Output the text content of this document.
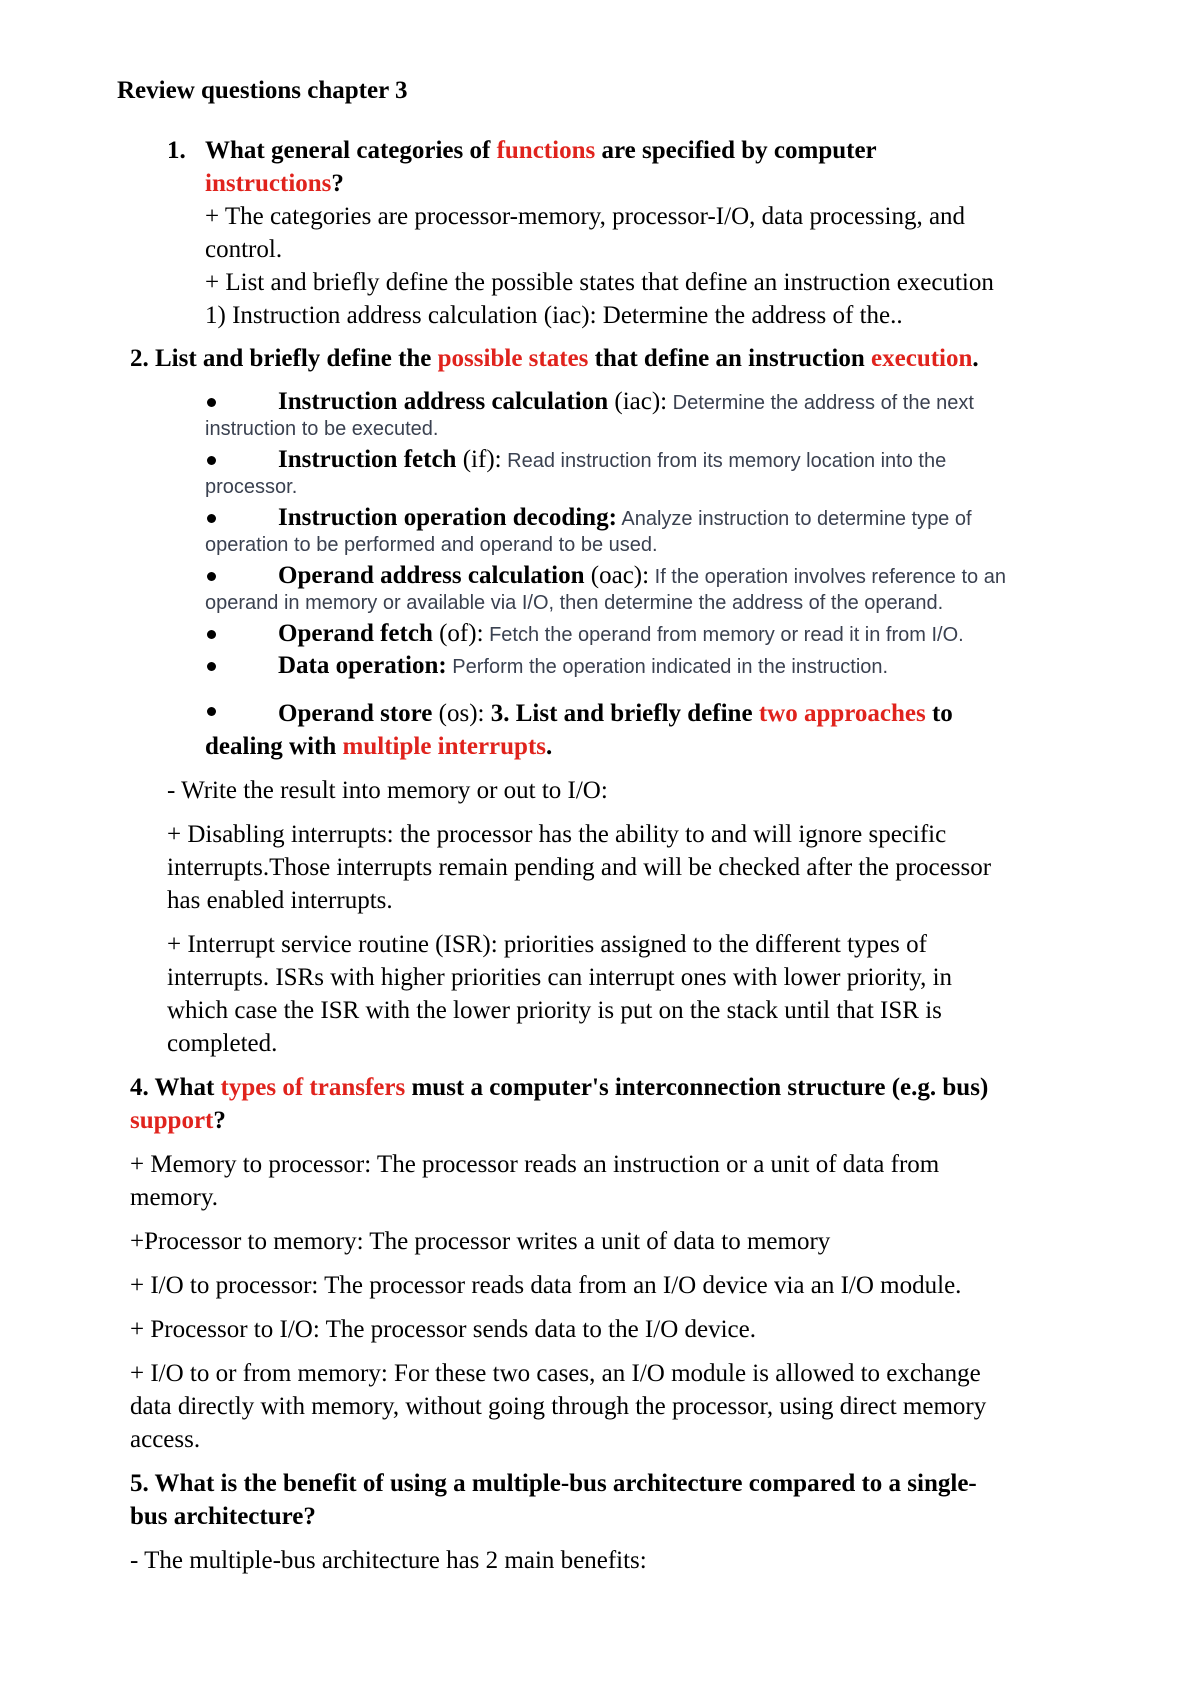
Review questions chapter 3
1. What general categories of functions are specified by computer
instructions?
+ The categories are processor-memory, processor-I/O, data processing, and
control.
+ List and briefly define the possible states that define an instruction execution
1) Instruction address calculation (iac): Determine the address of the..
2. List and briefly define the possible states that define an instruction execution.
Instruction address calculation (iac): Determine the address of the next
instruction to be executed.
Instruction fetch (if): Read instruction from its memory location into the
processor.
Instruction operation decoding: Analyze instruction to determine type of
operation to be performed and operand to be used.
Operand address calculation (oac): If the operation involves reference to an
operand in memory or available via I/O, then determine the address of the operand.
Operand fetch (of): Fetch the operand from memory or read it in from I/O.
Data operation: Perform the operation indicated in the instruction.
Operand store (os): 3. List and briefly define two approaches to
dealing with multiple interrupts.
- Write the result into memory or out to I/O:
+ Disabling interrupts: the processor has the ability to and will ignore specific
interrupts.Those interrupts remain pending and will be checked after the processor
has enabled interrupts.
+ Interrupt service routine (ISR): priorities assigned to the different types of
interrupts. ISRs with higher priorities can interrupt ones with lower priority, in
which case the ISR with the lower priority is put on the stack until that ISR is
completed.
4. What types of transfers must a computer's interconnection structure (e.g. bus)
support?
+ Memory to processor: The processor reads an instruction or a unit of data from
memory.
+Processor to memory: The processor writes a unit of data to memory
+ I/O to processor: The processor reads data from an I/O device via an I/O module.
+ Processor to I/O: The processor sends data to the I/O device.
+ I/O to or from memory: For these two cases, an I/O module is allowed to exchange
data directly with memory, without going through the processor, using direct memory
access.
5. What is the benefit of using a multiple-bus architecture compared to a single-
bus architecture?
- The multiple-bus architecture has 2 main benefits:
